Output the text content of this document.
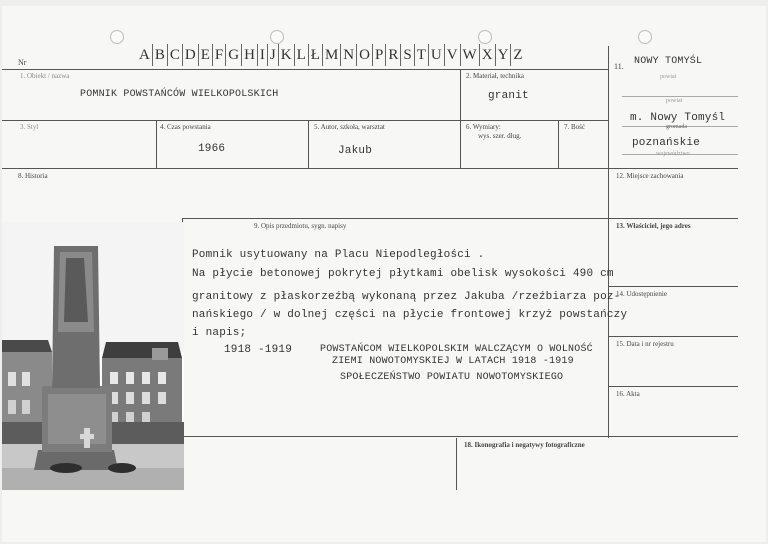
Nr	A B C D E F G H I J K L Ł M N O P R S T U V W X Y Z
1. Obiekt / nazwa
POMNIK POWSTAŃCÓW WIELKOPOLSKICH
2. Materiał, technika
granit
3. Styl	4. Czas powstania
1966
5. Autor, szkoła, warsztat
Jakub
6. Wymiary:
wys. szer. dług.
7. Bość
8. Historia
9. Opis przedmiotu, sygn. napisy
Pomnik usytuowany na Placu Niepodległości .
Na płycie betonowej pokrytej płytkami obelisk wysokości 490 cm
granitowy z płaskorzeźbą wykonaną przez Jakuba /rzeźbiarza poz-
nańskiego / w dolnej części na płycie frontowej krzyż powstańczy
i napis;
1918 -1919	POWSTAŃCOM WIELKOPOLSKIM WALCZĄCYM O WOLNOŚĆ
ZIEMI NOWOTOMYSKIEJ W LATACH 1918 -1919
SPOŁECZEŃSTWO POWIATU NOWOTOMYSKIEGO
11. NOWY TOMYŚL
powiat
powiat
m. Nowy Tomyśl
gromada
poznańskie
województwo
12. Miejsce zachowania
13. Właściciel, jego adres
14. Udostępnienie
15. Data i nr rejestru
16. Akta
18. Ikonografia i negatywy fotograficzne
